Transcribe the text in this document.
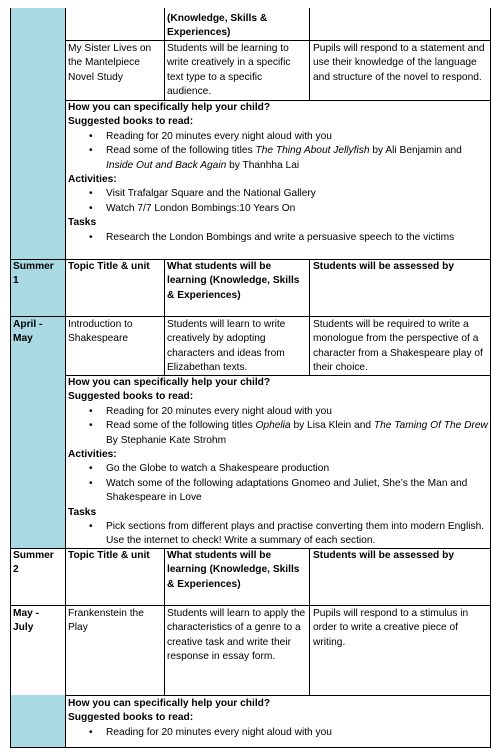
(Knowledge, Skills & Experiences)
My Sister Lives on the Mantelpiece Novel Study
Students will be learning to write creatively in a specific text type to a specific audience.
Pupils will respond to a statement and use their knowledge of the language and structure of the novel to respond.
How you can specifically help your child?
Suggested books to read:
• Reading for 20 minutes every night aloud with you
• Read some of the following titles The Thing About Jellyfish by Ali Benjamin and Inside Out and Back Again by Thanhha Lai
Activities:
• Visit Trafalgar Square and the National Gallery
• Watch 7/7 London Bombings:10 Years On
Tasks
• Research the London Bombings and write a persuasive speech to the victims
Summer 1
Topic Title & unit	What students will be learning (Knowledge, Skills & Experiences)
Students will be assessed by
April - May
Introduction to Shakespeare
Students will learn to write creatively by adopting characters and ideas from Elizabethan texts.
Students will be required to write a monologue from the perspective of a character from a Shakespeare play of their choice.
How you can specifically help your child?
Suggested books to read:
• Reading for 20 minutes every night aloud with you
• Read some of the following titles Ophelia by Lisa Klein and The Taming Of The Drew By Stephanie Kate Strohm
Activities:
• Go the Globe to watch a Shakespeare production
• Watch some of the following adaptations Gnomeo and Juliet, She’s the Man and Shakespeare in Love
Tasks
• Pick sections from different plays and practise converting them into modern English. Use the internet to check! Write a summary of each section.
Summer 2
Topic Title & unit	What students will be learning (Knowledge, Skills & Experiences)
Students will be assessed by
May - July
Frankenstein the Play
Students will learn to apply the characteristics of a genre to a creative task and write their response in essay form.
Pupils will respond to a stimulus in order to write a creative piece of writing.
How you can specifically help your child?
Suggested books to read:
• Reading for 20 minutes every night aloud with you
